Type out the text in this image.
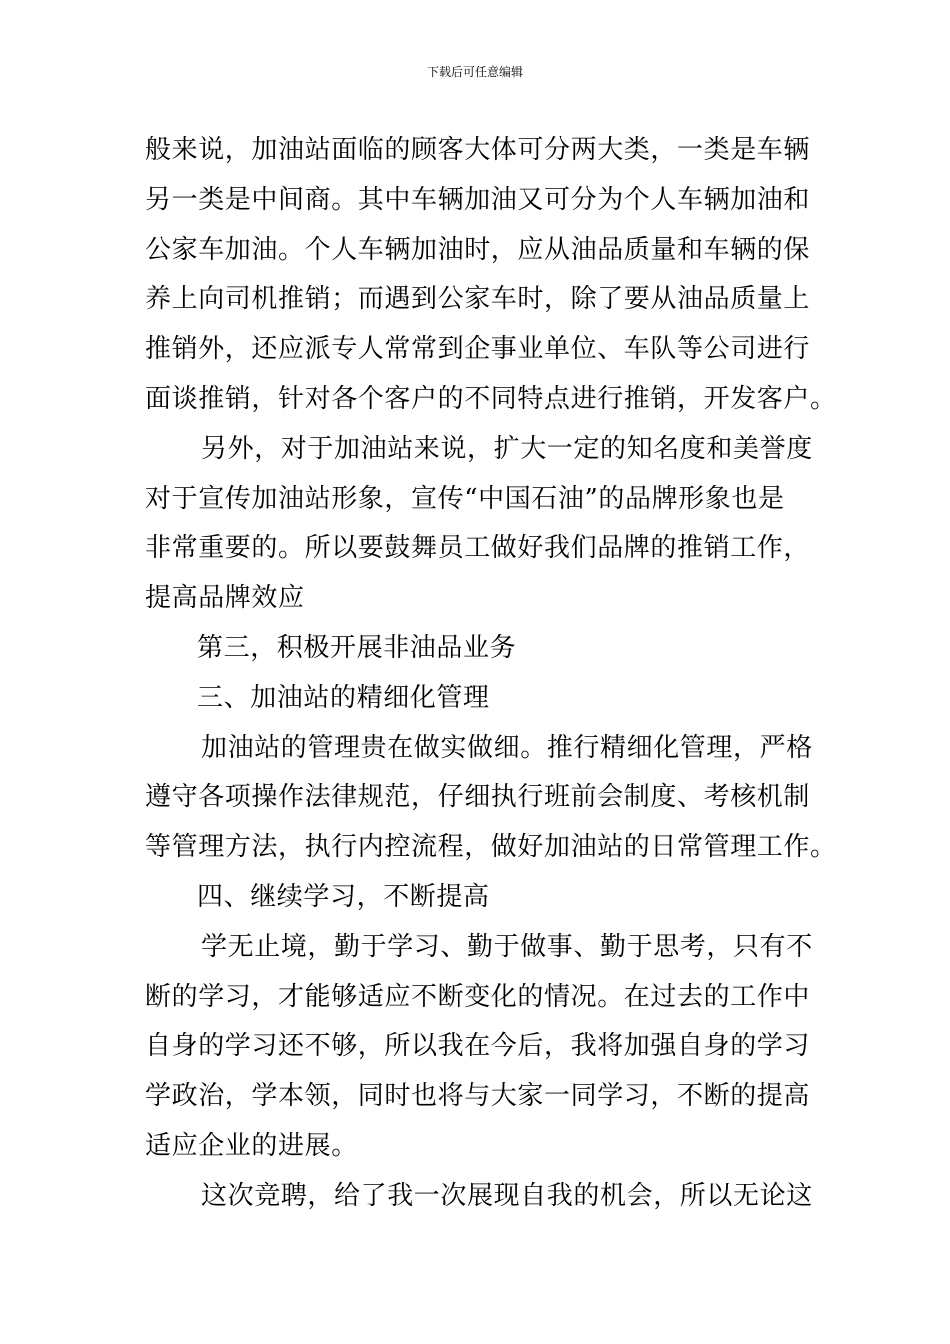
下载后可任意编辑
般来说，加油站面临的顾客大体可分两大类，一类是车辆
另一类是中间商。其中车辆加油又可分为个人车辆加油和
公家车加油。个人车辆加油时，应从油品质量和车辆的保
养上向司机推销；而遇到公家车时，除了要从油品质量上
推销外，还应派专人常常到企事业单位、车队等公司进行
面谈推销，针对各个客户的不同特点进行推销，开发客户。
另外，对于加油站来说，扩大一定的知名度和美誉度
对于宣传加油站形象，宣传“中国石油”的品牌形象也是
非常重要的。所以要鼓舞员工做好我们品牌的推销工作，
提高品牌效应
第三，积极开展非油品业务
三、加油站的精细化管理
加油站的管理贵在做实做细。推行精细化管理，严格
遵守各项操作法律规范，仔细执行班前会制度、考核机制
等管理方法，执行内控流程，做好加油站的日常管理工作。
四、继续学习，不断提高
学无止境，勤于学习、勤于做事、勤于思考，只有不
断的学习，才能够适应不断变化的情况。在过去的工作中
自身的学习还不够，所以我在今后，我将加强自身的学习
学政治，学本领，同时也将与大家一同学习，不断的提高
适应企业的进展。
这次竞聘，给了我一次展现自我的机会，所以无论这
